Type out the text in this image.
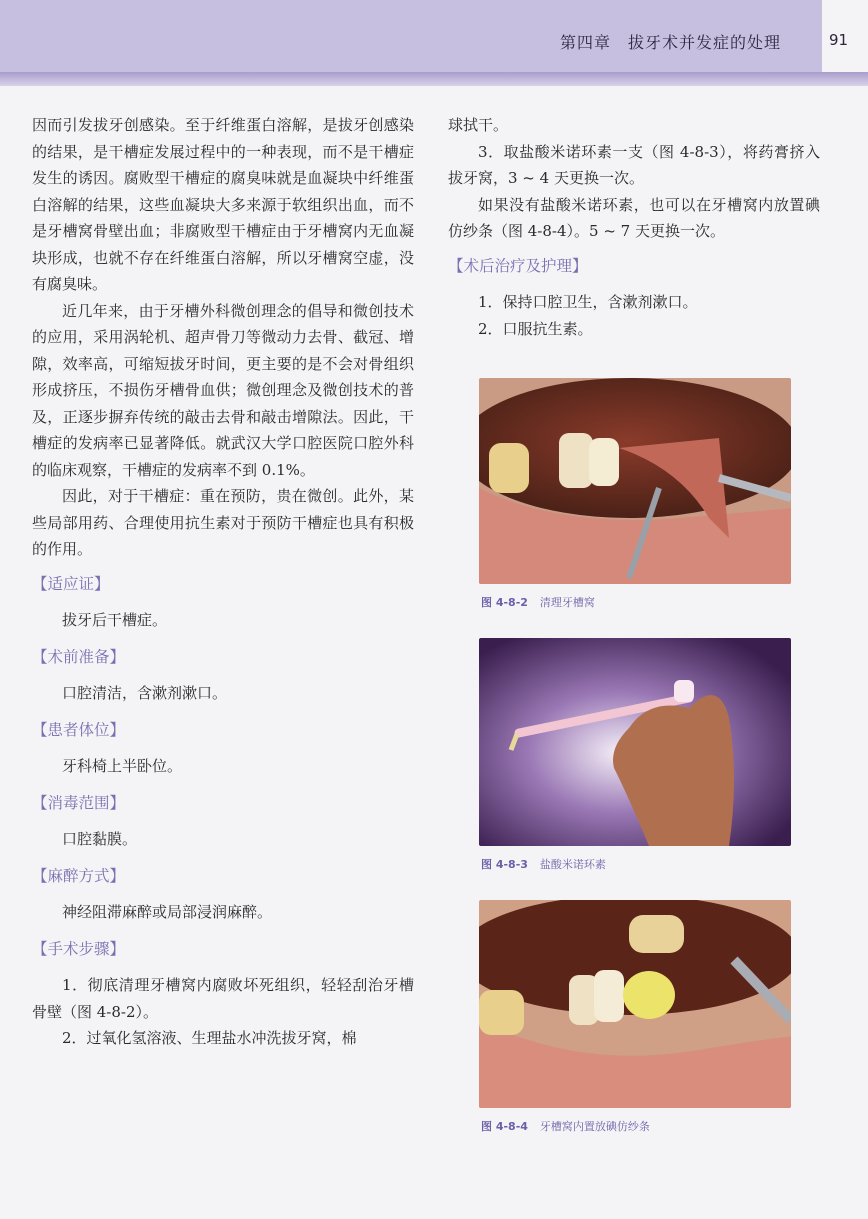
第四章　拔牙术并发症的处理	91

因而引发拔牙创感染。至于纤维蛋白溶解，是拔牙创感染的结果，是干槽症发展过程中的一种表现，而不是干槽症发生的诱因。腐败型干槽症的腐臭味就是血凝块中纤维蛋白溶解的结果，这些血凝块大多来源于软组织出血，而不是牙槽窝骨壁出血；非腐败型干槽症由于牙槽窝内无血凝块形成，也就不存在纤维蛋白溶解，所以牙槽窝空虚，没有腐臭味。

近几年来，由于牙槽外科微创理念的倡导和微创技术的应用，采用涡轮机、超声骨刀等微动力去骨、截冠、增隙，效率高，可缩短拔牙时间，更主要的是不会对骨组织形成挤压，不损伤牙槽骨血供；微创理念及微创技术的普及，正逐步摒弃传统的敲击去骨和敲击增隙法。因此，干槽症的发病率已显著降低。就武汉大学口腔医院口腔外科的临床观察，干槽症的发病率不到 0.1%。

因此，对于干槽症：重在预防，贵在微创。此外，某些局部用药、合理使用抗生素对于预防干槽症也具有积极的作用。

【适应证】

拔牙后干槽症。

【术前准备】

口腔清洁，含漱剂漱口。

【患者体位】

牙科椅上半卧位。

【消毒范围】

口腔黏膜。

【麻醉方式】

神经阻滞麻醉或局部浸润麻醉。

【手术步骤】

1．彻底清理牙槽窝内腐败坏死组织，轻轻刮治牙槽骨壁（图 4-8-2）。

2．过氧化氢溶液、生理盐水冲洗拔牙窝，棉

球拭干。

3．取盐酸米诺环素一支（图 4-8-3），将药膏挤入拔牙窝，3 ~ 4 天更换一次。

如果没有盐酸米诺环素，也可以在牙槽窝内放置碘仿纱条（图 4-8-4）。5 ~ 7 天更换一次。

【术后治疗及护理】

1．保持口腔卫生，含漱剂漱口。

2．口服抗生素。

图 4-8-2 清理牙槽窝
图 4-8-3 盐酸米诺环素
图 4-8-4 牙槽窝内置放碘仿纱条
